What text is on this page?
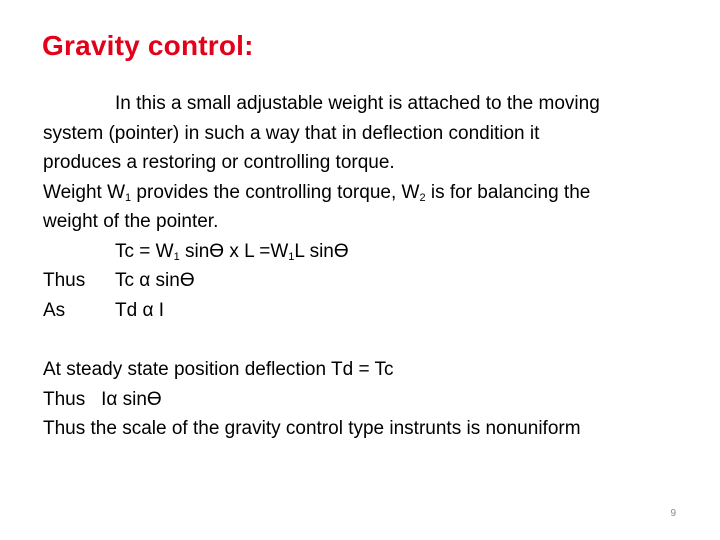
Gravity control:
In this a small adjustable weight is attached to the moving
system (pointer) in such a way that in deflection condition it
produces a restoring or controlling torque.
Weight $W_1$ provides the controlling torque, $W_2$ is for balancing the
weight of the pointer.
$Tc = W_1$ sinϴ x $L =W_1L$ sinϴ
Thus Tc α sinϴ
As	Td α I
At steady state position deflection Td = Tc
Thus Iα sinϴ
Thus the scale of the gravity control type instrunts is nonuniform
9
